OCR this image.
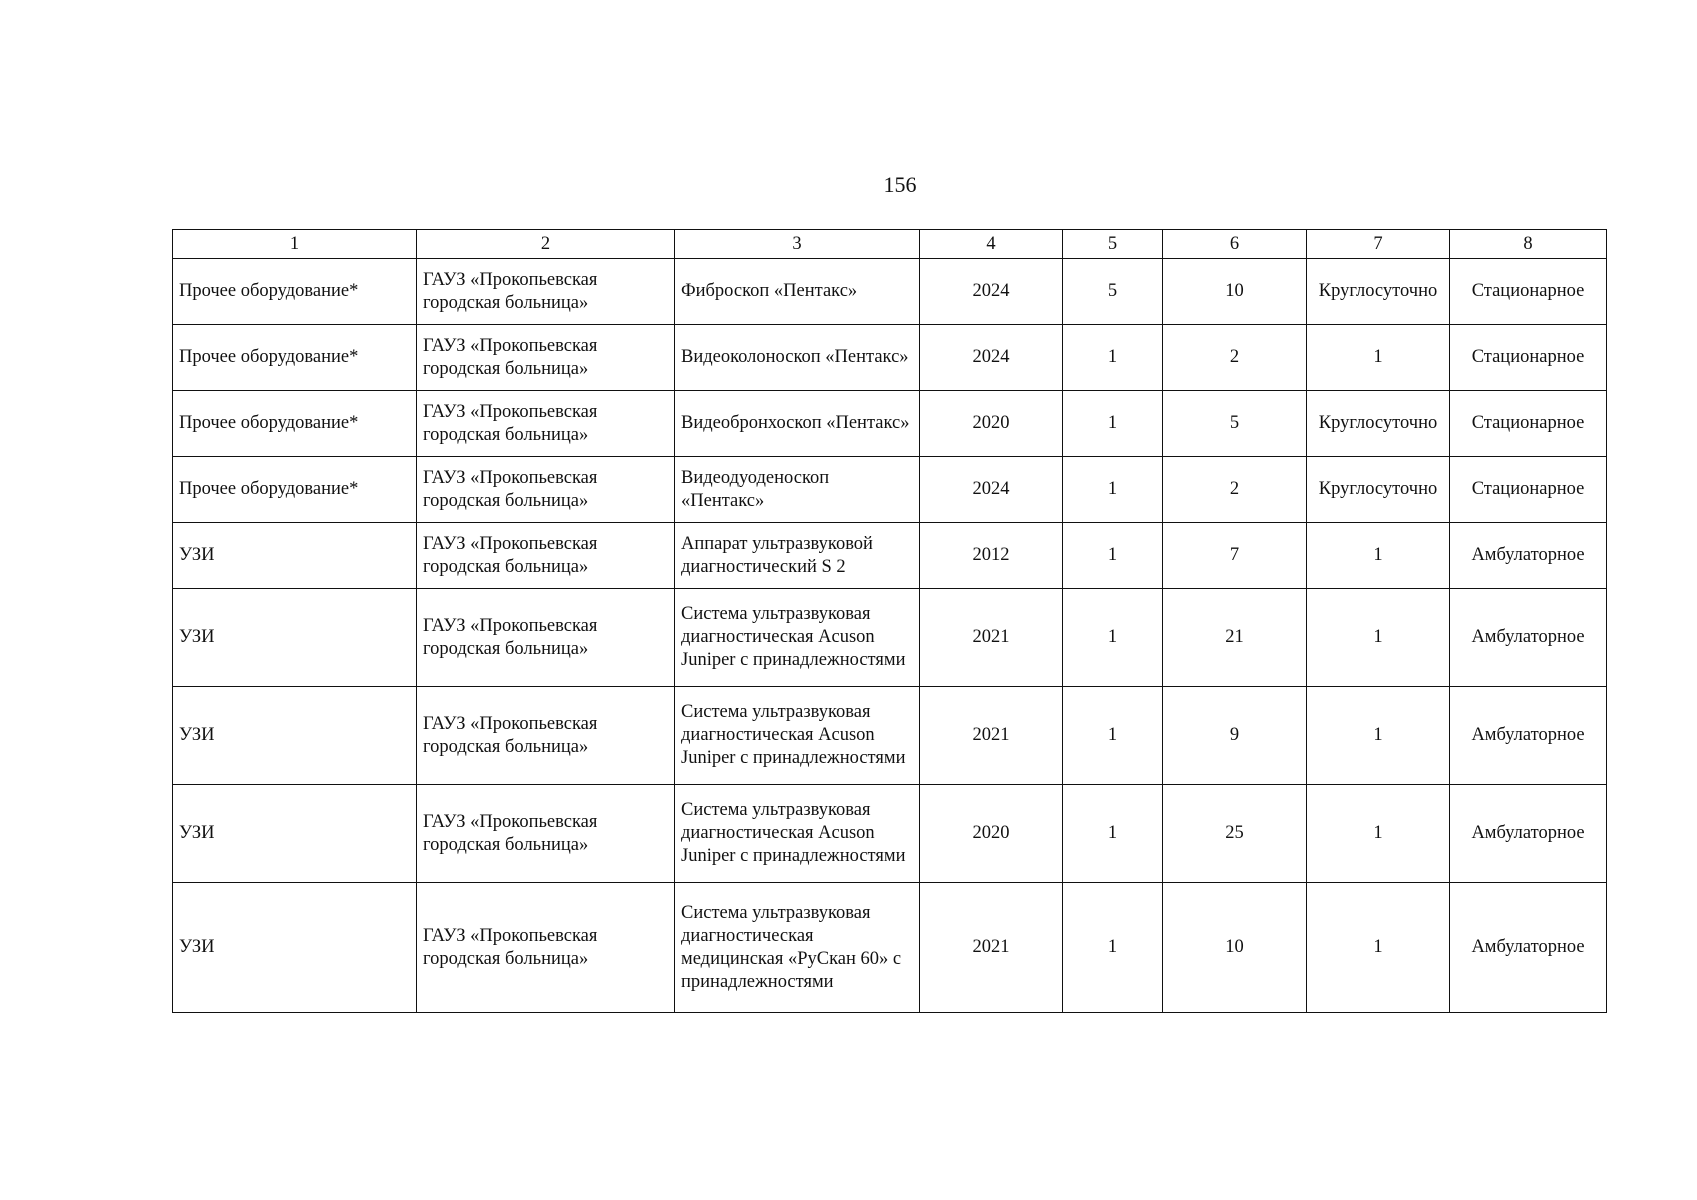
156
1	2	3	4	5	6	7	8
Прочее оборудование*	ГАУЗ «Прокопьевская городская больница»	Фиброскоп «Пентакс»	2024	5	10	Круглосуточно	Стационарное
Прочее оборудование*	ГАУЗ «Прокопьевская городская больница»	Видеоколоноскоп «Пентакс»	2024	1	2	1	Стационарное
Прочее оборудование*	ГАУЗ «Прокопьевская городская больница»	Видеобронхоскоп «Пентакс»	2020	1	5	Круглосуточно	Стационарное
Прочее оборудование*	ГАУЗ «Прокопьевская городская больница»	Видеодуоденоскоп «Пентакс»	2024	1	2	Круглосуточно	Стационарное
УЗИ	ГАУЗ «Прокопьевская городская больница»	Аппарат ультразвуковой диагностический S 2	2012	1	7	1	Амбулаторное
УЗИ	ГАУЗ «Прокопьевская городская больница»	Система ультразвуковая диагностическая Acuson Juniper с принадлежностями	2021	1	21	1	Амбулаторное
УЗИ	ГАУЗ «Прокопьевская городская больница»	Система ультразвуковая диагностическая Acuson Juniper с принадлежностями	2021	1	9	1	Амбулаторное
УЗИ	ГАУЗ «Прокопьевская городская больница»	Система ультразвуковая диагностическая Acuson Juniper с принадлежностями	2020	1	25	1	Амбулаторное
УЗИ	ГАУЗ «Прокопьевская городская больница»	Система ультразвуковая диагностическая медицинская «РуСкан 60» с принадлежностями	2021	1	10	1	Амбулаторное
